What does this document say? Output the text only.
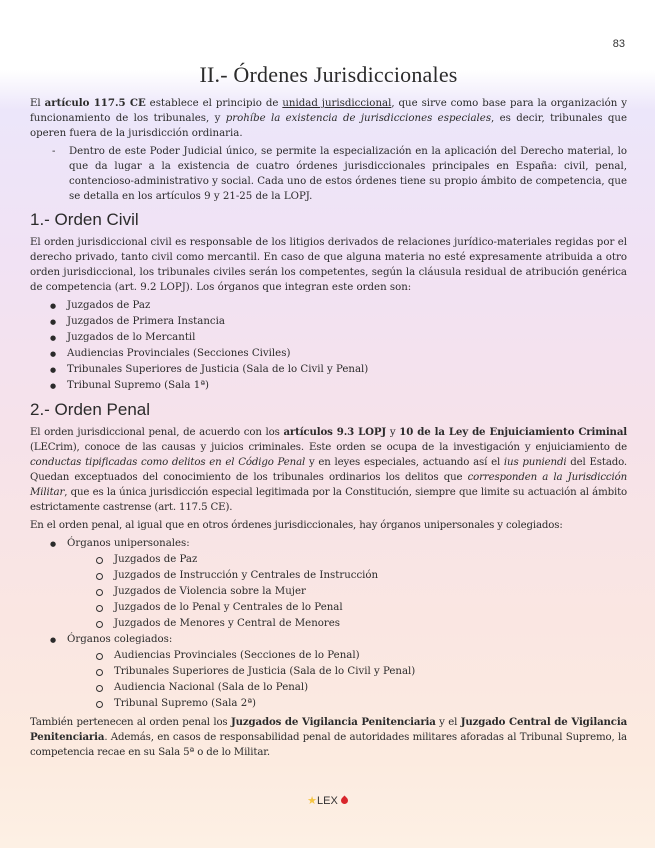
83
II.- Órdenes Jurisdiccionales

El artículo 117.5 CE establece el principio de unidad jurisdiccional, que sirve como base para la organización y funcionamiento de los tribunales, y prohíbe la existencia de jurisdicciones especiales, es decir, tribunales que operen fuera de la jurisdicción ordinaria.

- Dentro de este Poder Judicial único, se permite la especialización en la aplicación del Derecho material, lo que da lugar a la existencia de cuatro órdenes jurisdiccionales principales en España: civil, penal, contencioso-administrativo y social. Cada uno de estos órdenes tiene su propio ámbito de competencia, que se detalla en los artículos 9 y 21-25 de la LOPJ.
1.- Orden Civil

El orden jurisdiccional civil es responsable de los litigios derivados de relaciones jurídico-materiales regidas por el derecho privado, tanto civil como mercantil. En caso de que alguna materia no esté expresamente atribuida a otro orden jurisdiccional, los tribunales civiles serán los competentes, según la cláusula residual de atribución genérica de competencia (art. 9.2 LOPJ). Los órganos que integran este orden son:

● Juzgados de Paz
● Juzgados de Primera Instancia
● Juzgados de lo Mercantil
● Audiencias Provinciales (Secciones Civiles)
● Tribunales Superiores de Justicia (Sala de lo Civil y Penal)
● Tribunal Supremo (Sala 1ª)
2.- Orden Penal

El orden jurisdiccional penal, de acuerdo con los artículos 9.3 LOPJ y 10 de la Ley de Enjuiciamiento Criminal (LECrim), conoce de las causas y juicios criminales. Este orden se ocupa de la investigación y enjuiciamiento de conductas tipificadas como delitos en el Código Penal y en leyes especiales, actuando así el ius puniendi del Estado. Quedan exceptuados del conocimiento de los tribunales ordinarios los delitos que corresponden a la Jurisdicción Militar, que es la única jurisdicción especial legitimada por la Constitución, siempre que limite su actuación al ámbito estrictamente castrense (art. 117.5 CE).

En el orden penal, al igual que en otros órdenes jurisdiccionales, hay órganos unipersonales y colegiados:

● Órganos unipersonales:
Juzgados de Paz
Juzgados de Instrucción y Centrales de Instrucción
Juzgados de Violencia sobre la Mujer
Juzgados de lo Penal y Centrales de lo Penal
Juzgados de Menores y Central de Menores
● Órganos colegiados:
Audiencias Provinciales (Secciones de lo Penal)
Tribunales Superiores de Justicia (Sala de lo Civil y Penal)
Audiencia Nacional (Sala de lo Penal)
Tribunal Supremo (Sala 2ª)

También pertenecen al orden penal los Juzgados de Vigilancia Penitenciaria y el Juzgado Central de Vigilancia Penitenciaria. Además, en casos de responsabilidad penal de autoridades militares aforadas al Tribunal Supremo, la competencia recae en su Sala 5ª o de lo Militar.

★LEX
